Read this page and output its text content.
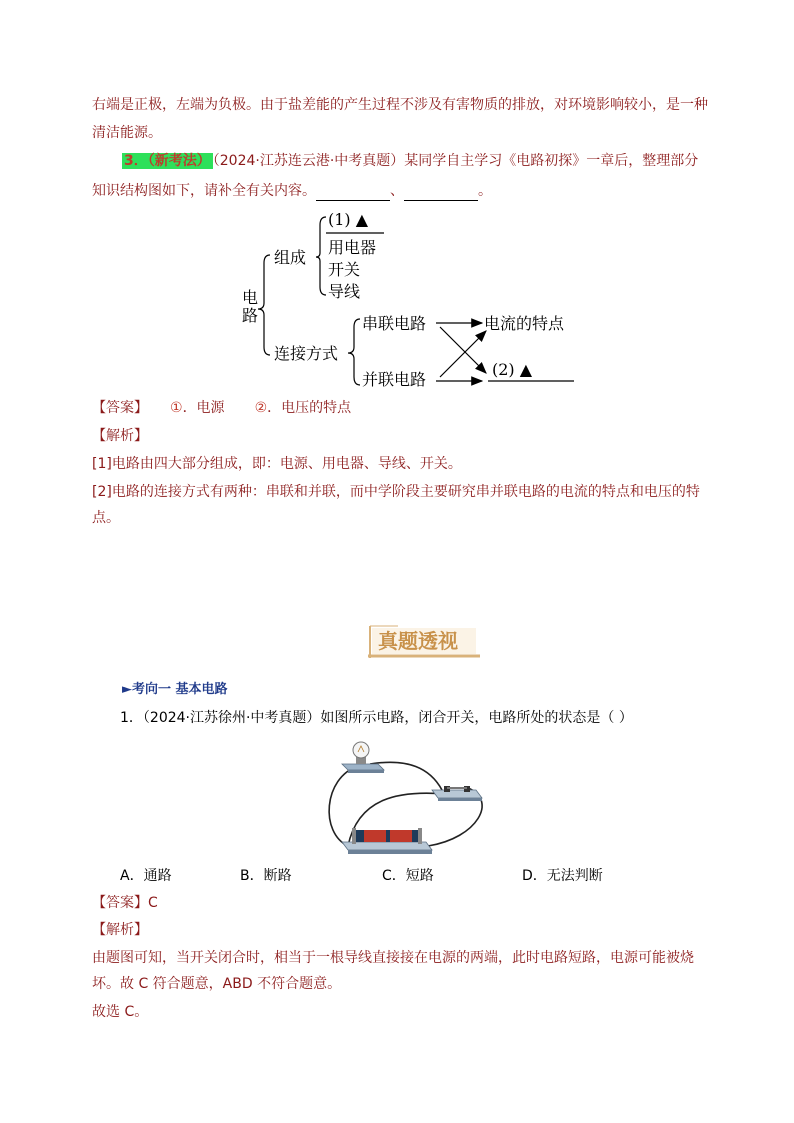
右端是正极，左端为负极。由于盐差能的产生过程不涉及有害物质的排放，对环境影响较小，是一种
清洁能源。
3．（新考法） （2024·江苏连云港·中考真题）某同学自主学习《电路初探》一章后，整理部分
知识结构图如下，请补全有关内容。	、	。
电
路
组成
(1) ▲
用电器
开关
导线
连接方式
串联电路
并联电路
电流的特点
(2) ▲
【答案】 ①．电源 ②．电压的特点
【解析】
[1]电路由四大部分组成，即：电源、用电器、导线、开关。
[2]电路的连接方式有两种：串联和并联，而中学阶段主要研究串并联电路的电流的特点和电压的特
点。
真题透视
►考向一 基本电路
1．（2024·江苏徐州·中考真题）如图所示电路，闭合开关，电路所处的状态是（ ）
A．通路	B．断路	C．短路	D．无法判断
【答案】C
【解析】
由题图可知，当开关闭合时，相当于一根导线直接接在电源的两端，此时电路短路，电源可能被烧
坏。故 C 符合题意，ABD 不符合题意。
故选 C。
